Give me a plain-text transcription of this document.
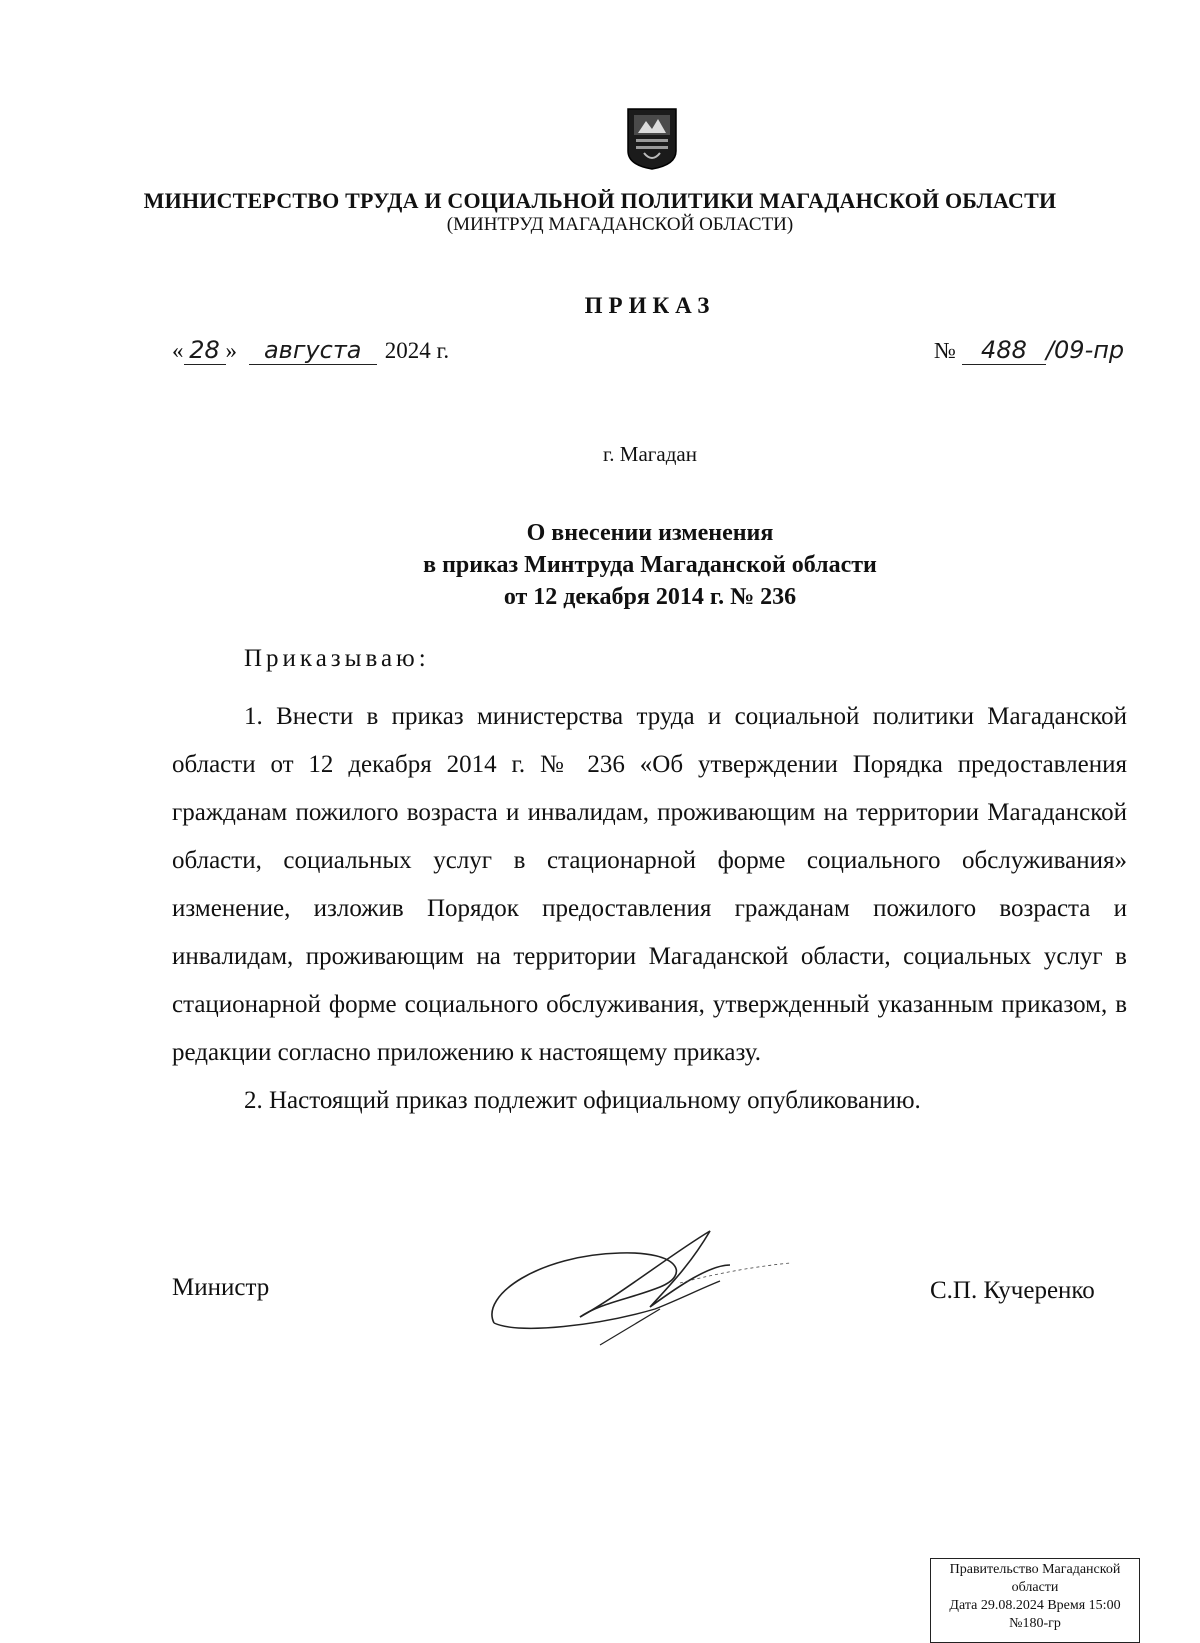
МИНИСТЕРСТВО ТРУДА И СОЦИАЛЬНОЙ ПОЛИТИКИ МАГАДАНСКОЙ ОБЛАСТИ
(МИНТРУД МАГАДАНСКОЙ ОБЛАСТИ)
ПРИКАЗ
« 28 » августа 2024 г.	№ 488 /09-пр
г. Магадан
О внесении изменения
в приказ Минтруда Магаданской области
от 12 декабря 2014 г. № 236
Приказываю:

1. Внести в приказ министерства труда и социальной политики Магаданской области от 12 декабря 2014 г. № 236 «Об утверждении Порядка предоставления гражданам пожилого возраста и инвалидам, проживающим на территории Магаданской области, социальных услуг в стационарной форме социального обслуживания» изменение, изложив Порядок предоставления гражданам пожилого возраста и инвалидам, проживающим на территории Магаданской области, социальных услуг в стационарной форме социального обслуживания, утвержденный указанным приказом, в редакции согласно приложению к настоящему приказу.

2. Настоящий приказ подлежит официальному опубликованию.

Министр	С.П. Кучеренко
Правительство Магаданской
области
Дата 29.08.2024 Время 15:00
№180-гр
